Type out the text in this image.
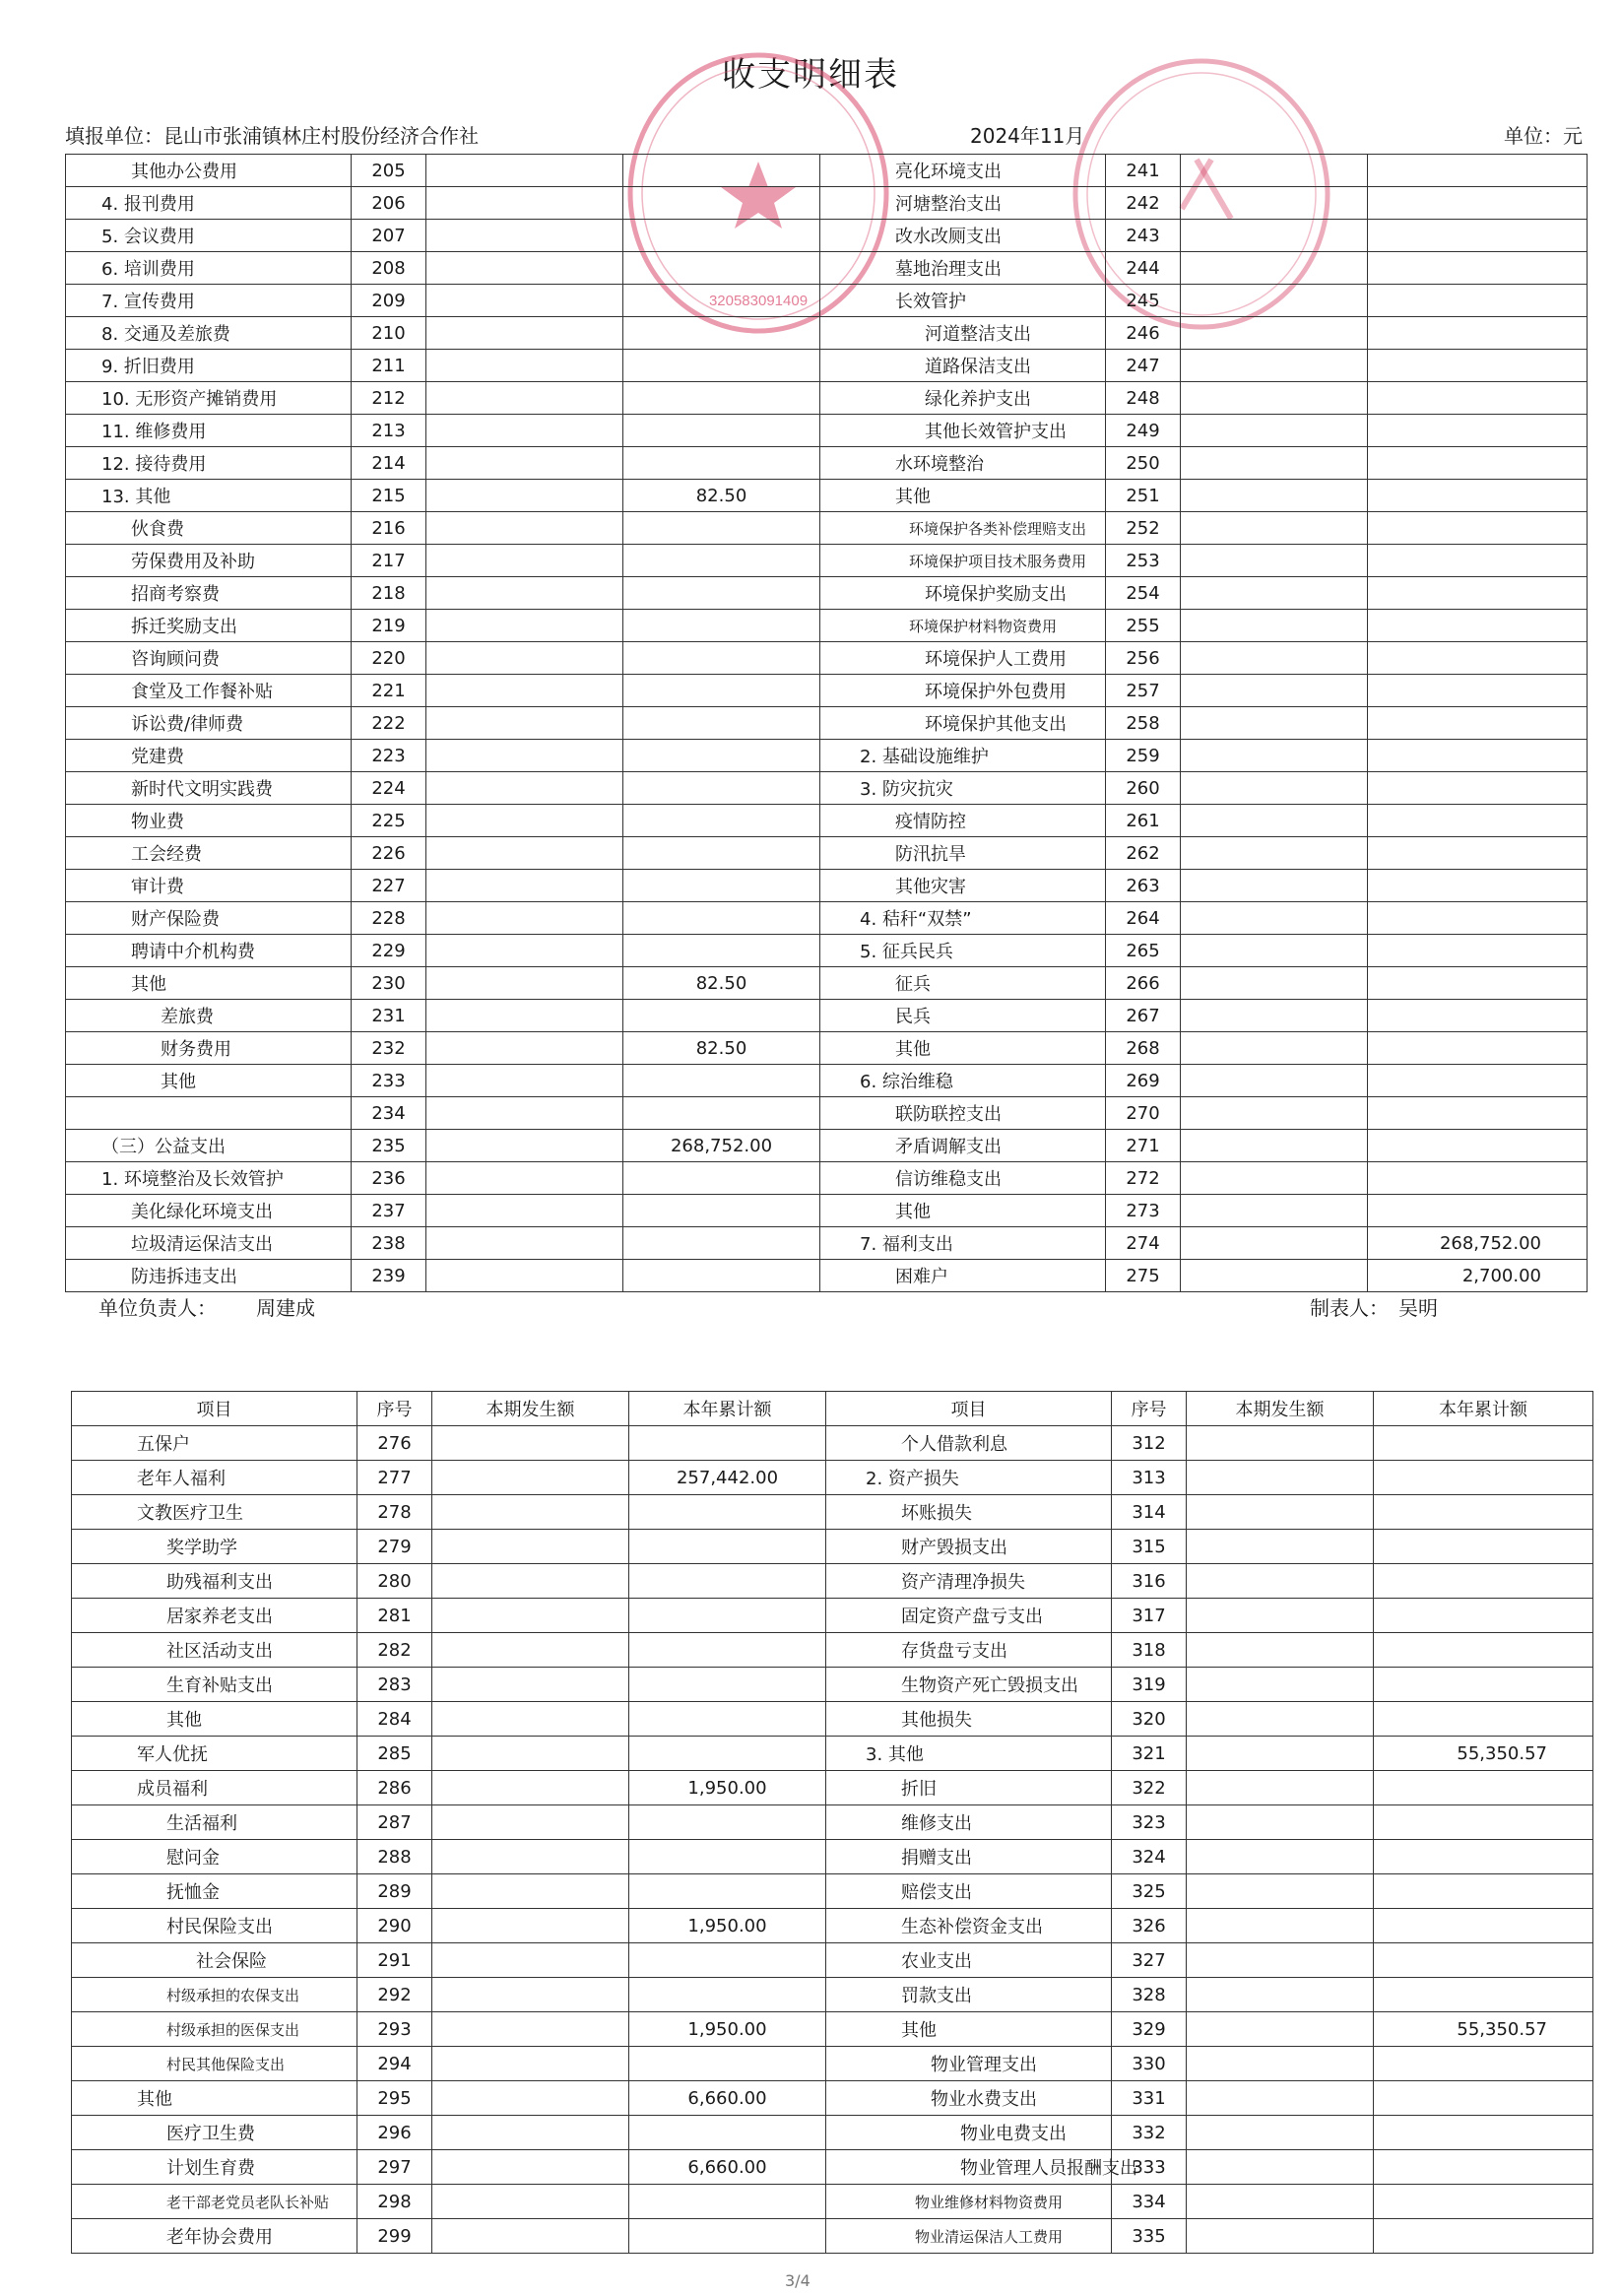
收支明细表
填报单位：昆山市张浦镇林庄村股份经济合作社	2024年11月	单位：元
320583091409
其他办公费用	205			亮化环境支出	241		
4. 报刊费用	206			河塘整治支出	242		
5. 会议费用	207			改水改厕支出	243		
6. 培训费用	208			墓地治理支出	244		
7. 宣传费用	209			长效管护	245		
8. 交通及差旅费	210			河道整洁支出	246		
9. 折旧费用	211			道路保洁支出	247		
10. 无形资产摊销费用	212			绿化养护支出	248		
11. 维修费用	213			其他长效管护支出	249		
12. 接待费用	214			水环境整治	250		
13. 其他	215		82.50	其他	251		
伙食费	216			环境保护各类补偿理赔支出	252		
劳保费用及补助	217			环境保护项目技术服务费用	253		
招商考察费	218			环境保护奖励支出	254		
拆迁奖励支出	219			环境保护材料物资费用	255		
咨询顾问费	220			环境保护人工费用	256		
食堂及工作餐补贴	221			环境保护外包费用	257		
诉讼费/律师费	222			环境保护其他支出	258		
党建费	223			2. 基础设施维护	259		
新时代文明实践费	224			3. 防灾抗灾	260		
物业费	225			疫情防控	261		
工会经费	226			防汛抗旱	262		
审计费	227			其他灾害	263		
财产保险费	228			4. 秸秆“双禁”	264		
聘请中介机构费	229			5. 征兵民兵	265		
其他	230		82.50	征兵	266		
差旅费	231			民兵	267		
财务费用	232		82.50	其他	268		
其他	233			6. 综治维稳	269		
	234			联防联控支出	270		
（三）公益支出	235		268,752.00	矛盾调解支出	271		
1. 环境整治及长效管护	236			信访维稳支出	272		
美化绿化环境支出	237			其他	273		
垃圾清运保洁支出	238			7. 福利支出	274		268,752.00
防违拆违支出	239			困难户	275		2,700.00
单位负责人： 周建成	制表人： 吴明
项目	序号	本期发生额	本年累计额	项目	序号	本期发生额	本年累计额
五保户	276			个人借款利息	312		
老年人福利	277		257,442.00	2. 资产损失	313		
文教医疗卫生	278			坏账损失	314		
奖学助学	279			财产毁损支出	315		
助残福利支出	280			资产清理净损失	316		
居家养老支出	281			固定资产盘亏支出	317		
社区活动支出	282			存货盘亏支出	318		
生育补贴支出	283			生物资产死亡毁损支出	319		
其他	284			其他损失	320		
军人优抚	285			3. 其他	321		55,350.57
成员福利	286		1,950.00	折旧	322		
生活福利	287			维修支出	323		
慰问金	288			捐赠支出	324		
抚恤金	289			赔偿支出	325		
村民保险支出	290		1,950.00	生态补偿资金支出	326		
社会保险	291			农业支出	327		
村级承担的农保支出	292			罚款支出	328		
村级承担的医保支出	293		1,950.00	其他	329		55,350.57
村民其他保险支出	294			物业管理支出	330		
其他	295		6,660.00	物业水费支出	331		
医疗卫生费	296			物业电费支出	332		
计划生育费	297		6,660.00	物业管理人员报酬支出	333		
老干部老党员老队长补贴	298			物业维修材料物资费用	334		
老年协会费用	299			物业清运保洁人工费用	335		
3/4
